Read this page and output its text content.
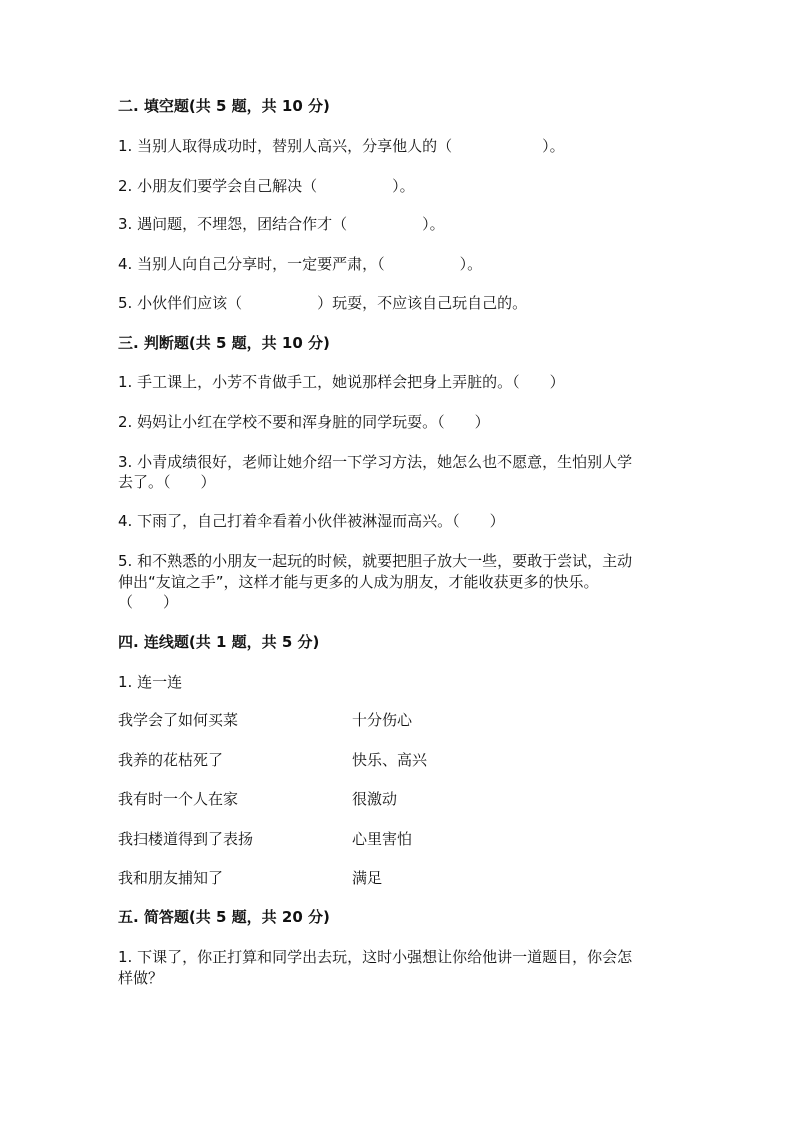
二. 填空题(共 5 题，共 10 分)
1. 当别人取得成功时，替别人高兴，分享他人的（　　　　　　）。
2. 小朋友们要学会自己解决（　　　　　）。
3. 遇问题，不埋怨，团结合作才（　　　　　）。
4. 当别人向自己分享时，一定要严肃，（　　　　　）。
5. 小伙伴们应该（　　　　　）玩耍，不应该自己玩自己的。
三. 判断题(共 5 题，共 10 分)
1. 手工课上，小芳不肯做手工，她说那样会把身上弄脏的。（　　）
2. 妈妈让小红在学校不要和浑身脏的同学玩耍。（　　）
3. 小青成绩很好，老师让她介绍一下学习方法，她怎么也不愿意，生怕别人学
去了。（　　）
4. 下雨了，自己打着伞看着小伙伴被淋湿而高兴。（　　）
5. 和不熟悉的小朋友一起玩的时候，就要把胆子放大一些，要敢于尝试，主动
伸出“友谊之手”，这样才能与更多的人成为朋友，才能收获更多的快乐。
（　　）
四. 连线题(共 1 题，共 5 分)
1. 连一连
我学会了如何买菜	十分伤心
我养的花枯死了	快乐、高兴
我有时一个人在家	很激动
我扫楼道得到了表扬	心里害怕
我和朋友捕知了	满足
五. 简答题(共 5 题，共 20 分)
1. 下课了，你正打算和同学出去玩，这时小强想让你给他讲一道题目，你会怎
样做？
